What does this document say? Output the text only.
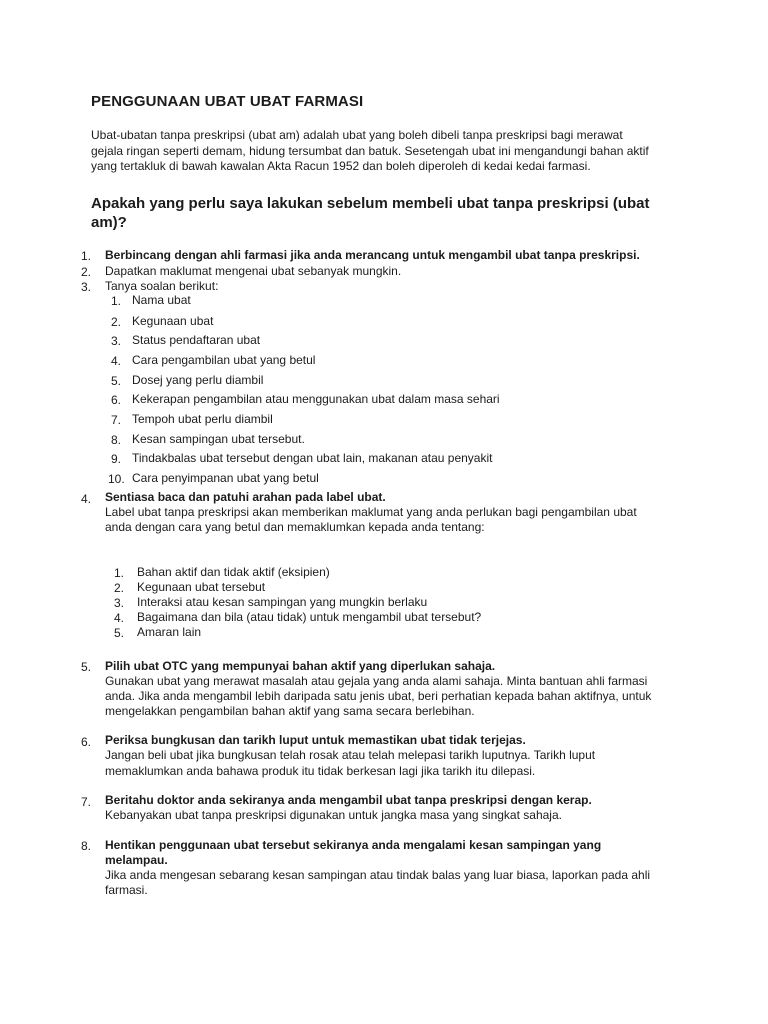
PENGGUNAAN UBAT UBAT FARMASI

Ubat-ubatan tanpa preskripsi (ubat am) adalah ubat yang boleh dibeli tanpa preskripsi bagi merawat

gejala ringan seperti demam, hidung tersumbat dan batuk. Sesetengah ubat ini mengandungi bahan aktif

yang tertakluk di bawah kawalan Akta Racun 1952 dan boleh diperoleh di kedai kedai farmasi.

Apakah yang perlu saya lakukan sebelum membeli ubat tanpa preskripsi (ubat
am)?
1. Berbincang dengan ahli farmasi jika anda merancang untuk mengambil ubat tanpa preskripsi.
2. Dapatkan maklumat mengenai ubat sebanyak mungkin.
3. Tanya soalan berikut:
1. Nama ubat
2. Kegunaan ubat
3. Status pendaftaran ubat
4. Cara pengambilan ubat yang betul
5. Dosej yang perlu diambil
6. Kekerapan pengambilan atau menggunakan ubat dalam masa sehari
7. Tempoh ubat perlu diambil
8. Kesan sampingan ubat tersebut.
9. Tindakbalas ubat tersebut dengan ubat lain, makanan atau penyakit
10. Cara penyimpanan ubat yang betul
4. Sentiasa baca dan patuhi arahan pada label ubat.
Label ubat tanpa preskripsi akan memberikan maklumat yang anda perlukan bagi pengambilan ubat
anda dengan cara yang betul dan memaklumkan kepada anda tentang:
1. Bahan aktif dan tidak aktif (eksipien)
2. Kegunaan ubat tersebut
3. Interaksi atau kesan sampingan yang mungkin berlaku
4. Bagaimana dan bila (atau tidak) untuk mengambil ubat tersebut?
5. Amaran lain
5. Pilih ubat OTC yang mempunyai bahan aktif yang diperlukan sahaja.
Gunakan ubat yang merawat masalah atau gejala yang anda alami sahaja. Minta bantuan ahli farmasi
anda. Jika anda mengambil lebih daripada satu jenis ubat, beri perhatian kepada bahan aktifnya, untuk
mengelakkan pengambilan bahan aktif yang sama secara berlebihan.
6. Periksa bungkusan dan tarikh luput untuk memastikan ubat tidak terjejas.
Jangan beli ubat jika bungkusan telah rosak atau telah melepasi tarikh luputnya. Tarikh luput
memaklumkan anda bahawa produk itu tidak berkesan lagi jika tarikh itu dilepasi.
7. Beritahu doktor anda sekiranya anda mengambil ubat tanpa preskripsi dengan kerap.
Kebanyakan ubat tanpa preskripsi digunakan untuk jangka masa yang singkat sahaja.
8. Hentikan penggunaan ubat tersebut sekiranya anda mengalami kesan sampingan yang
melampau.
Jika anda mengesan sebarang kesan sampingan atau tindak balas yang luar biasa, laporkan pada ahli
farmasi.
